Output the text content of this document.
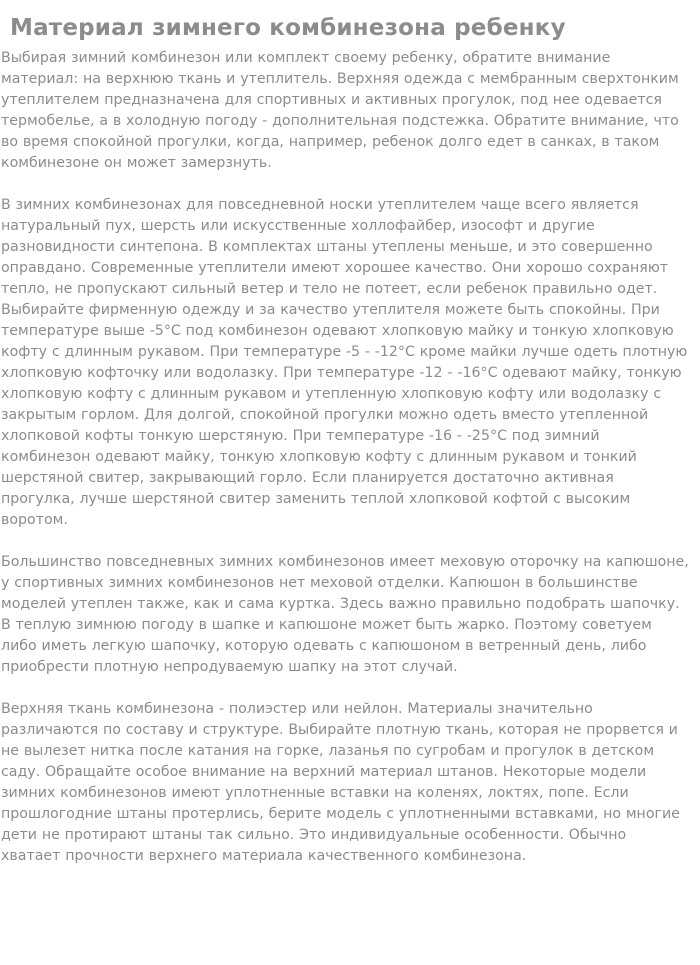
Материал зимнего комбинезона ребенку

Выбирая зимний комбинезон или комплект своему ребенку, обратите внимание материал: на верхнюю ткань и утеплитель. Верхняя одежда с мембранным сверхтонким утеплителем предназначена для спортивных и активных прогулок, под нее одевается термобелье, а в холодную погоду - дополнительная подстежка. Обратите внимание, что во время спокойной прогулки, когда, например, ребенок долго едет в санках, в таком комбинезоне он может замерзнуть.

В зимних комбинезонах для повседневной носки утеплителем чаще всего является натуральный пух, шерсть или искусственные холлофайбер, изософт и другие разновидности синтепона. В комплектах штаны утеплены меньше, и это совершенно оправдано. Современные утеплители имеют хорошее качество. Они хорошо сохраняют тепло, не пропускают сильный ветер и тело не потеет, если ребенок правильно одет. Выбирайте фирменную одежду и за качество утеплителя можете быть спокойны. При температуре выше -5°С под комбинезон одевают хлопковую майку и тонкую хлопковую кофту с длинным рукавом. При температуре -5 - -12°С кроме майки лучше одеть плотную хлопковую кофточку или водолазку. При температуре -12 - -16°С одевают майку, тонкую хлопковую кофту с длинным рукавом и утепленную хлопковую кофту или водолазку с закрытым горлом. Для долгой, спокойной прогулки можно одеть вместо утепленной хлопковой кофты тонкую шерстяную. При температуре -16 - -25°С под зимний комбинезон одевают майку, тонкую хлопковую кофту с длинным рукавом и тонкий шерстяной свитер, закрывающий горло. Если планируется достаточно активная прогулка, лучше шерстяной свитер заменить теплой хлопковой кофтой с высоким воротом.

Большинство повседневных зимних комбинезонов имеет меховую оторочку на капюшоне, у спортивных зимних комбинезонов нет меховой отделки. Капюшон в большинстве моделей утеплен также, как и сама куртка. Здесь важно правильно подобрать шапочку. В теплую зимнюю погоду в шапке и капюшоне может быть жарко. Поэтому советуем либо иметь легкую шапочку, которую одевать с капюшоном в ветренный день, либо приобрести плотную непродуваемую шапку на этот случай.

Верхняя ткань комбинезона - полиэстер или нейлон. Материалы значительно различаются по составу и структуре. Выбирайте плотную ткань, которая не прорвется и не вылезет нитка после катания на горке, лазанья по сугробам и прогулок в детском саду. Обращайте особое внимание на верхний материал штанов. Некоторые модели зимних комбинезонов имеют уплотненные вставки на коленях, локтях, попе. Если прошлогодние штаны протерлись, берите модель с уплотненными вставками, но многие дети не протирают штаны так сильно. Это индивидуальные особенности. Обычно хватает прочности верхнего материала качественного комбинезона.
